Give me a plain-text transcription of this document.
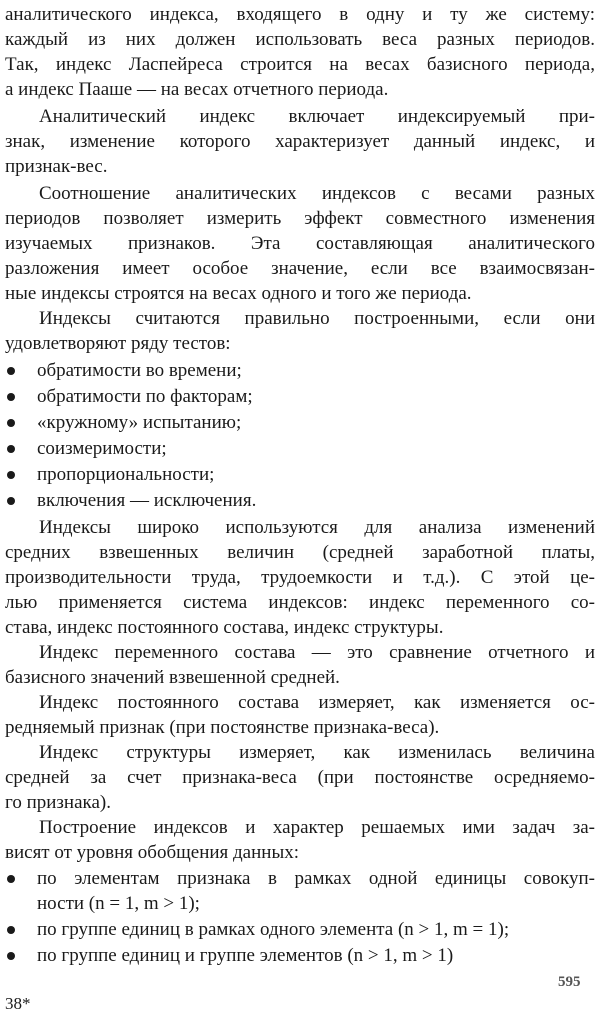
аналитического индекса, входящего в одну и ту же систему:
каждый из них должен использовать веса разных периодов.
Так, индекс Ласпейреса строится на весах базисного периода,
а индекс Пааше — на весах отчетного периода.
Аналитический индекс включает индексируемый при-
знак, изменение которого характеризует данный индекс, и
признак-вес.
Соотношение аналитических индексов с весами разных
периодов позволяет измерить эффект совместного изменения
изучаемых признаков. Эта составляющая аналитического
разложения имеет особое значение, если все взаимосвязан-
ные индексы строятся на весах одного и того же периода.
Индексы считаются правильно построенными, если они
удовлетворяют ряду тестов:
обратимости во времени;
обратимости по факторам;
«кружному» испытанию;
соизмеримости;
пропорциональности;
включения — исключения.
Индексы широко используются для анализа изменений
средних взвешенных величин (средней заработной платы,
производительности труда, трудоемкости и т.д.). С этой це-
лью применяется система индексов: индекс переменного со-
става, индекс постоянного состава, индекс структуры.
Индекс переменного состава — это сравнение отчетного и
базисного значений взвешенной средней.
Индекс постоянного состава измеряет, как изменяется ос-
редняемый признак (при постоянстве признака-веса).
Индекс структуры измеряет, как изменилась величина
средней за счет признака-веса (при постоянстве осредняемо-
го признака).
Построение индексов и характер решаемых ими задач за-
висят от уровня обобщения данных:
по элементам признака в рамках одной единицы совокуп-
ности (n = 1, m > 1);
по группе единиц в рамках одного элемента (n > 1, m = 1);
по группе единиц и группе элементов (n > 1, m > 1)
595
38*
